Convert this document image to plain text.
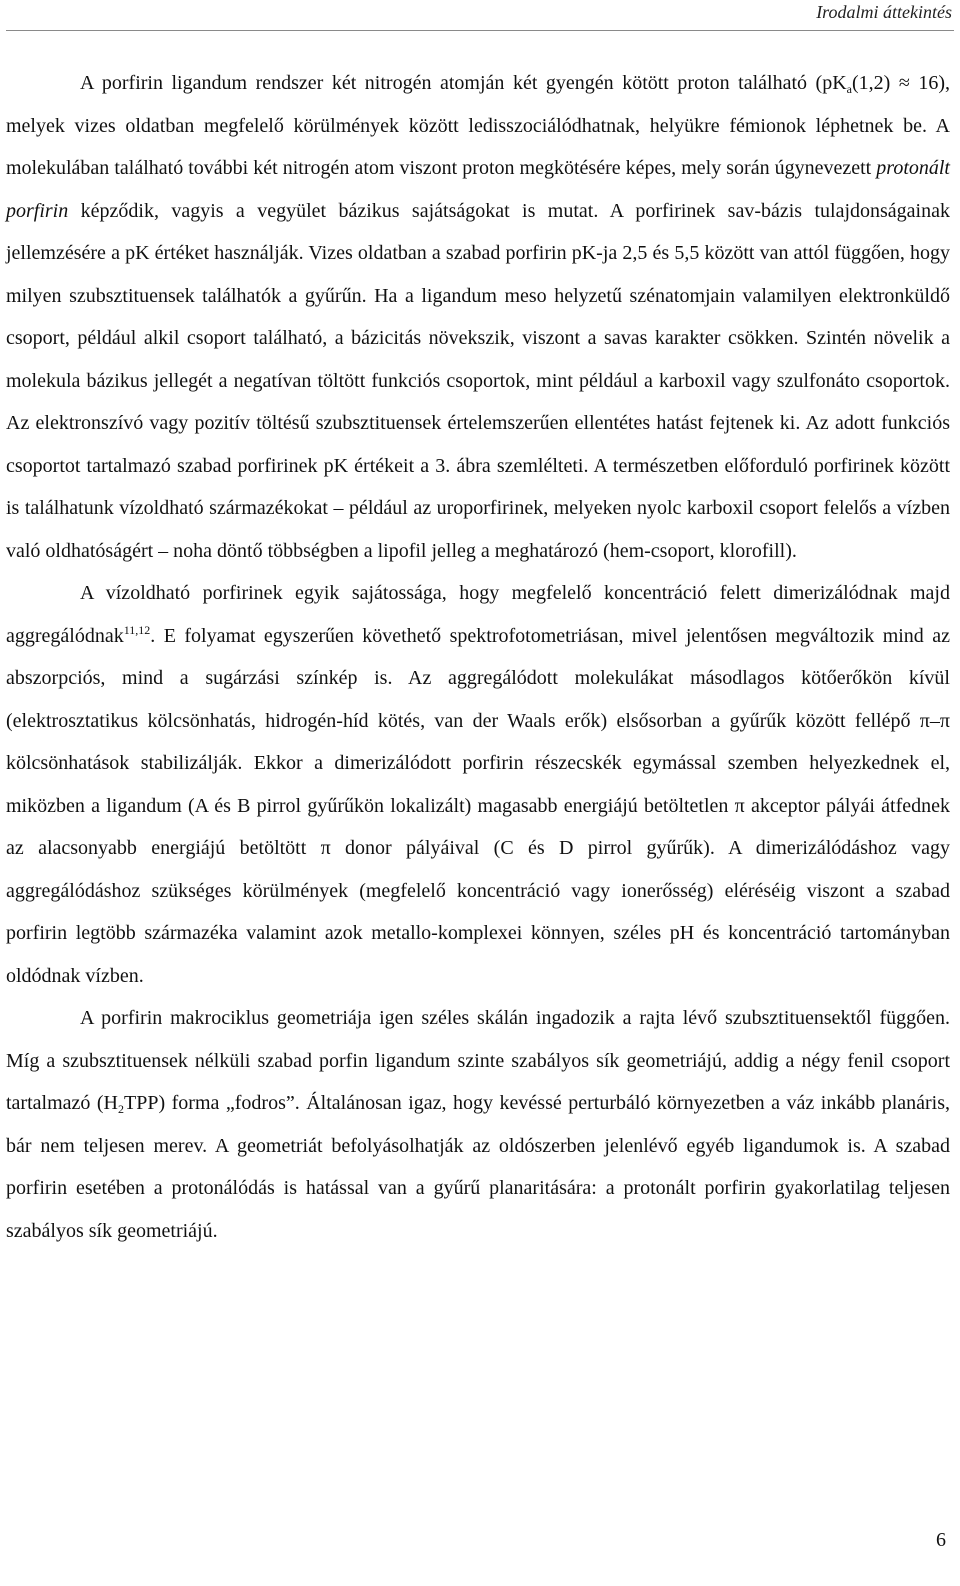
Irodalmi áttekintés

A porfirin ligandum rendszer két nitrogén atomján két gyengén kötött proton található $(pK_a(1,2) \approx 16)$, melyek vizes oldatban megfelelő körülmények között ledisszociálódhatnak, helyükre fémionok léphetnek be. A molekulában található további két nitrogén atom viszont proton megkötésére képes, mely során úgynevezett protonált porfirin képződik, vagyis a vegyület bázikus sajátságokat is mutat. A porfirinek sav-bázis tulajdonságainak jellemzésére a pK értéket használják. Vizes oldatban a szabad porfirin pK-ja 2,5 és 5,5 között van attól függően, hogy milyen szubsztituensek találhatók a gyűrűn. Ha a ligandum meso helyzetű szénatomjain valamilyen elektronküldő csoport, például alkil csoport található, a bázicitás növekszik, viszont a savas karakter csökken. Szintén növelik a molekula bázikus jellegét a negatívan töltött funkciós csoportok, mint például a karboxil vagy szulfonáto csoportok. Az elektronszívó vagy pozitív töltésű szubsztituensek értelemszerűen ellentétes hatást fejtenek ki. Az adott funkciós csoportot tartalmazó szabad porfirinek pK értékeit a 3. ábra szemlélteti. A természetben előforduló porfirinek között is találhatunk vízoldható származékokat – például az uroporfirinek, melyeken nyolc karboxil csoport felelős a vízben való oldhatóságért – noha döntő többségben a lipofil jelleg a meghatározó (hem-csoport, klorofill).

A vízoldható porfirinek egyik sajátossága, hogy megfelelő koncentráció felett dimerizálódnak majd aggregálódnak$^{11,12}$. E folyamat egyszerűen követhető spektrofotometriásan, mivel jelentősen megváltozik mind az abszorpciós, mind a sugárzási színkép is. Az aggregálódott molekulákat másodlagos kötőerőkön kívül (elektrosztatikus kölcsönhatás, hidrogén-híd kötés, van der Waals erők) elsősorban a gyűrűk között fellépő π–π kölcsönhatások stabilizálják. Ekkor a dimerizálódott porfirin részecskék egymással szemben helyezkednek el, miközben a ligandum (A és B pirrol gyűrűkön lokalizált) magasabb energiájú betöltetlen π akceptor pályái átfednek az alacsonyabb energiájú betöltött π donor pályáival (C és D pirrol gyűrűk). A dimerizálódáshoz vagy aggregálódáshoz szükséges körülmények (megfelelő koncentráció vagy ionerősség) eléréséig viszont a szabad porfirin legtöbb származéka valamint azok metallo-komplexei könnyen, széles pH és koncentráció tartományban oldódnak vízben.

A porfirin makrociklus geometriája igen széles skálán ingadozik a rajta lévő szubsztituensektől függően. Míg a szubsztituensek nélküli szabad porfin ligandum szinte szabályos sík geometriájú, addig a négy fenil csoport tartalmazó $(H_2TPP)$ forma „fodros”. Általánosan igaz, hogy kevéssé perturbáló környezetben a váz inkább planáris, bár nem teljesen merev. A geometriát befolyásolhatják az oldószerben jelenlévő egyéb ligandumok is. A szabad porfirin esetében a protonálódás is hatással van a gyűrű planaritására: a protonált porfirin gyakorlatilag teljesen szabályos sík geometriájú.

6
